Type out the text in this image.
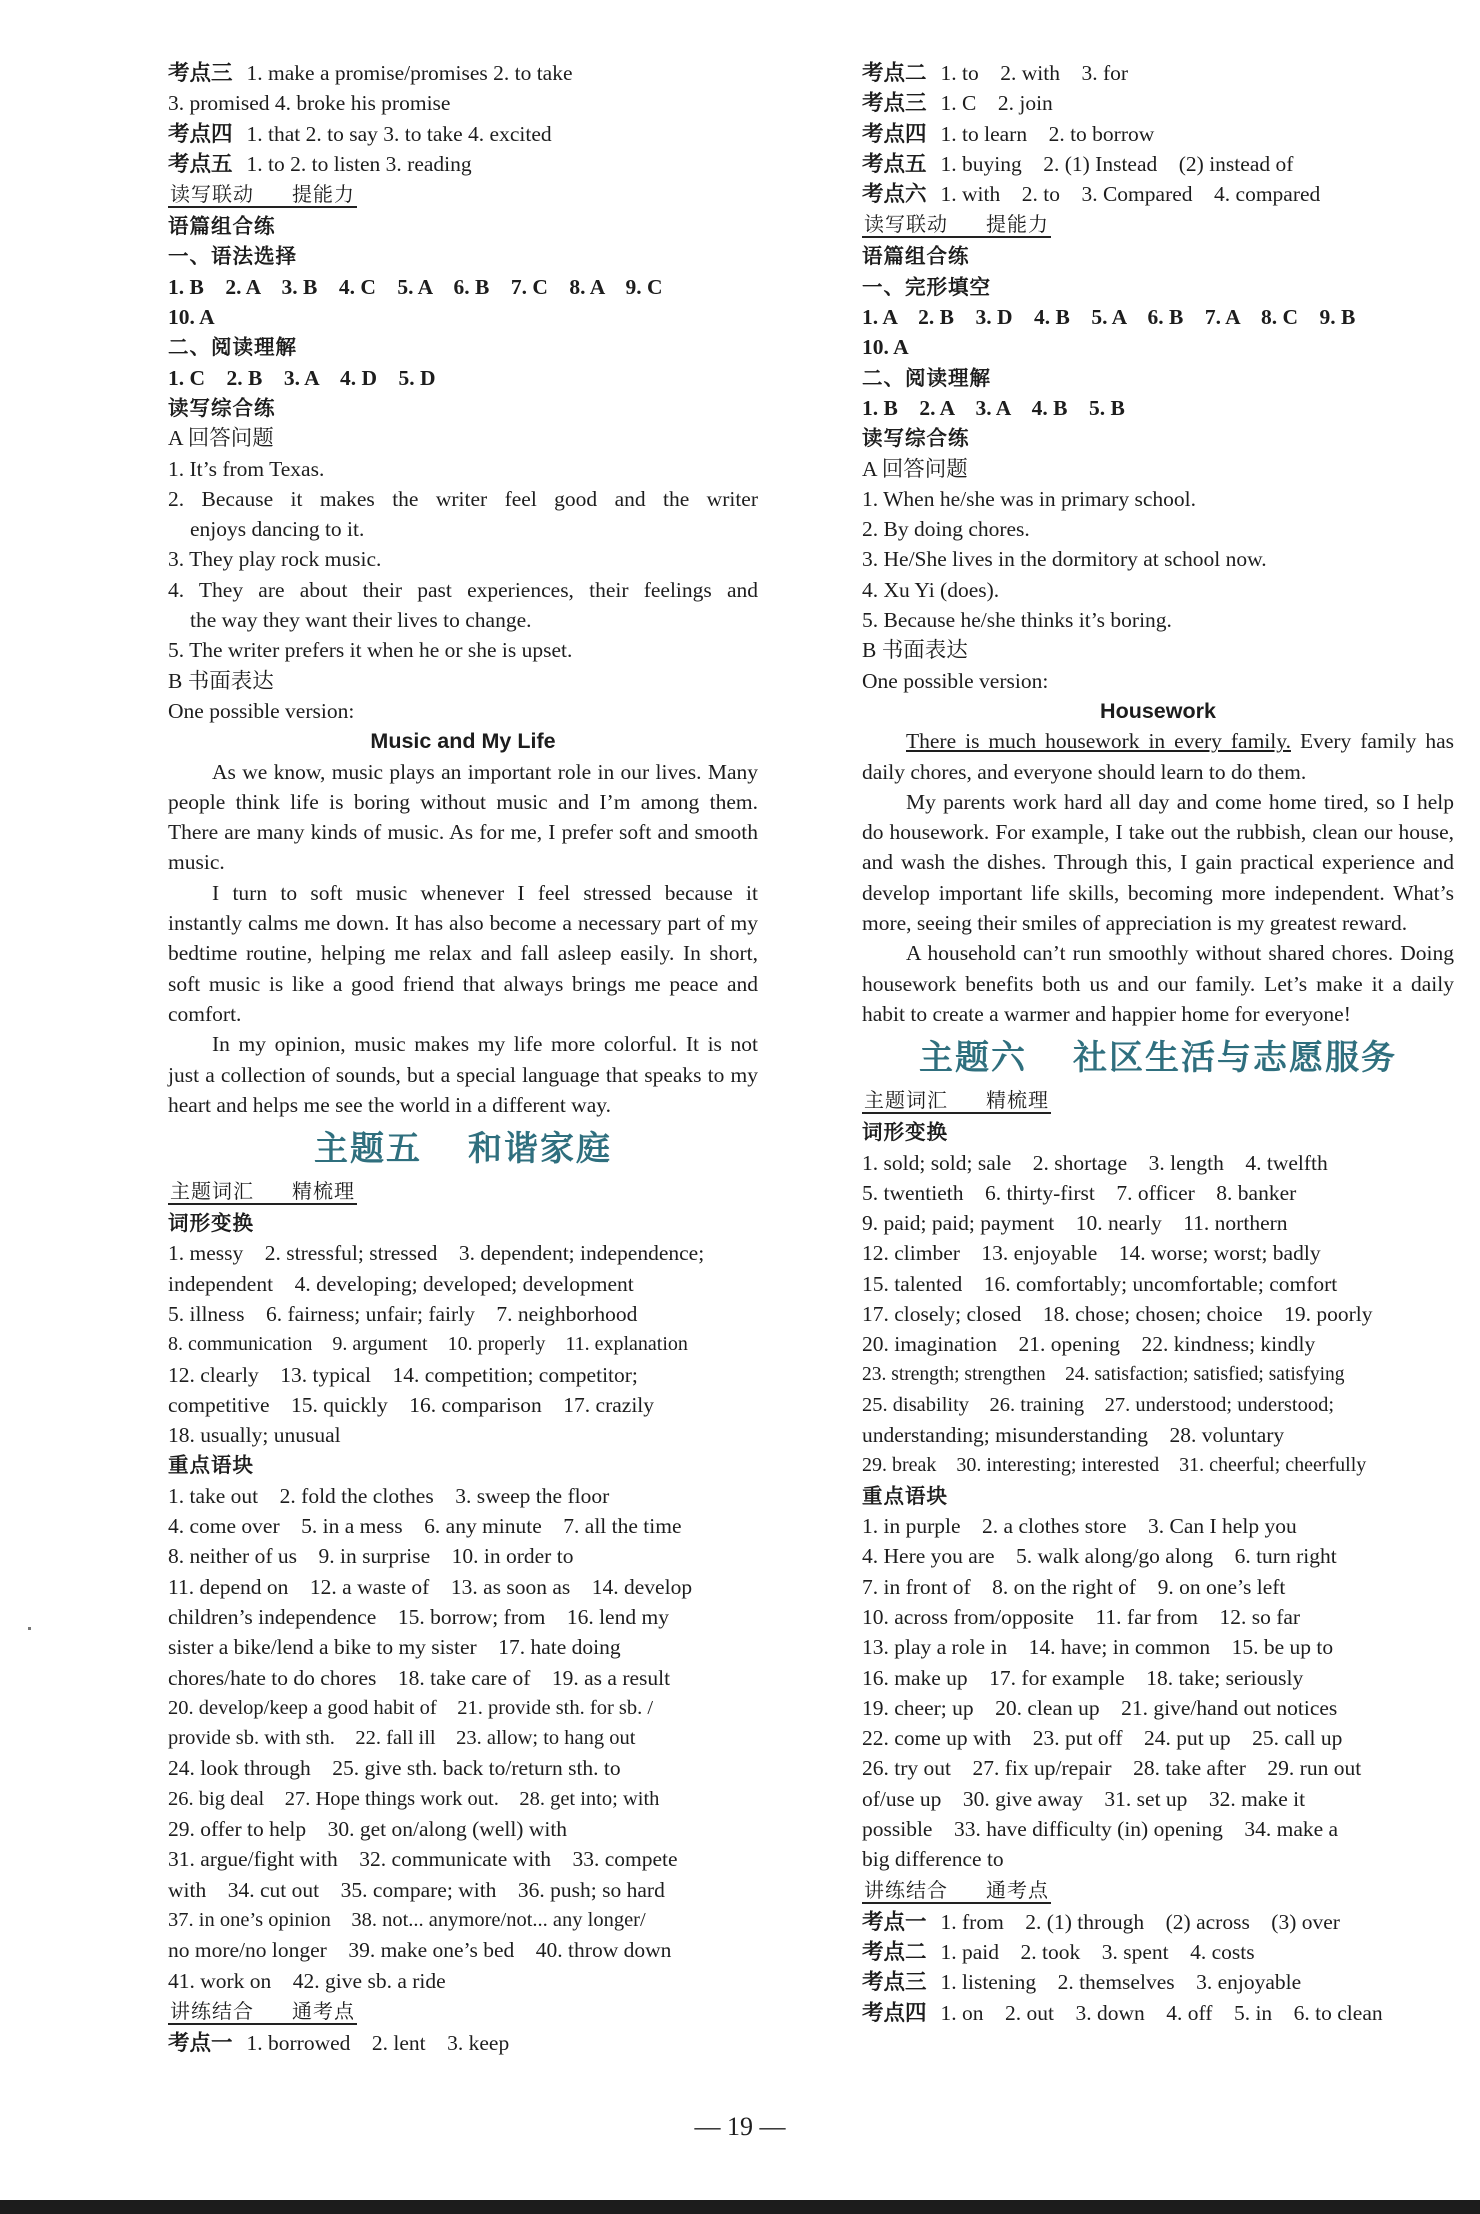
考点三 1. make a promise/promises 2. to take
3. promised 4. broke his promise
考点四 1. that 2. to say 3. to take 4. excited
考点五 1. to 2. to listen 3. reading
读写联动 提能力
语篇组合练
一、语法选择
1. B    2. A    3. B    4. C    5. A    6. B    7. C    8. A    9. C
10. A
二、阅读理解
1. C    2. B    3. A    4. D    5. D
读写综合练
A 回答问题
1. It’s from Texas.
2. Because it makes the writer feel good and the writer
enjoys dancing to it.
3. They play rock music.
4. They are about their past experiences, their feelings and
the way they want their lives to change.
5. The writer prefers it when he or she is upset.
B 书面表达
One possible version:
Music and My Life
As we know, music plays an important role in our lives. Many people think life is boring without music and I’m among them. There are many kinds of music. As for me, I prefer soft and smooth music.
I turn to soft music whenever I feel stressed because it instantly calms me down. It has also become a necessary part of my bedtime routine, helping me relax and fall asleep easily. In short, soft music is like a good friend that always brings me peace and comfort.
In my opinion, music makes my life more colorful. It is not just a collection of sounds, but a special language that speaks to my heart and helps me see the world in a different way.
主题五 和谐家庭
主题词汇 精梳理
词形变换
1. messy    2. stressful; stressed    3. dependent; independence;
independent    4. developing; developed; development
5. illness    6. fairness; unfair; fairly    7. neighborhood
8. communication    9. argument    10. properly    11. explanation
12. clearly    13. typical    14. competition; competitor;
competitive    15. quickly    16. comparison    17. crazily
18. usually; unusual
重点语块
1. take out    2. fold the clothes    3. sweep the floor
4. come over    5. in a mess    6. any minute    7. all the time
8. neither of us    9. in surprise    10. in order to
11. depend on    12. a waste of    13. as soon as    14. develop
children’s independence    15. borrow; from    16. lend my
sister a bike/lend a bike to my sister    17. hate doing
chores/hate to do chores    18. take care of    19. as a result
20. develop/keep a good habit of    21. provide sth. for sb. /
provide sb. with sth.    22. fall ill    23. allow; to hang out
24. look through    25. give sth. back to/return sth. to
26. big deal    27. Hope things work out.    28. get into; with
29. offer to help    30. get on/along (well) with
31. argue/fight with    32. communicate with    33. compete
with    34. cut out    35. compare; with    36. push; so hard
37. in one’s opinion    38. not... anymore/not... any longer/
no more/no longer    39. make one’s bed    40. throw down
41. work on    42. give sb. a ride
讲练结合 通考点
考点一 1. borrowed    2. lent    3. keep
考点二 1. to    2. with    3. for
考点三 1. C    2. join
考点四 1. to learn    2. to borrow
考点五 1. buying    2. (1) Instead    (2) instead of
考点六 1. with    2. to    3. Compared    4. compared
读写联动 提能力
语篇组合练
一、完形填空
1. A    2. B    3. D    4. B    5. A    6. B    7. A    8. C    9. B
10. A
二、阅读理解
1. B    2. A    3. A    4. B    5. B
读写综合练
A 回答问题
1. When he/she was in primary school.
2. By doing chores.
3. He/She lives in the dormitory at school now.
4. Xu Yi (does).
5. Because he/she thinks it’s boring.
B 书面表达
One possible version:
Housework
There is much housework in every family. Every family has daily chores, and everyone should learn to do them.
My parents work hard all day and come home tired, so I help do housework. For example, I take out the rubbish, clean our house, and wash the dishes. Through this, I gain practical experience and develop important life skills, becoming more independent. What’s more, seeing their smiles of appreciation is my greatest reward.
A household can’t run smoothly without shared chores. Doing housework benefits both us and our family. Let’s make it a daily habit to create a warmer and happier home for everyone!
主题六 社区生活与志愿服务
主题词汇 精梳理
词形变换
1. sold; sold; sale    2. shortage    3. length    4. twelfth
5. twentieth    6. thirty-first    7. officer    8. banker
9. paid; paid; payment    10. nearly    11. northern
12. climber    13. enjoyable    14. worse; worst; badly
15. talented    16. comfortably; uncomfortable; comfort
17. closely; closed    18. chose; chosen; choice    19. poorly
20. imagination    21. opening    22. kindness; kindly
23. strength; strengthen    24. satisfaction; satisfied; satisfying
25. disability    26. training    27. understood; understood;
understanding; misunderstanding    28. voluntary
29. break    30. interesting; interested    31. cheerful; cheerfully
重点语块
1. in purple    2. a clothes store    3. Can I help you
4. Here you are    5. walk along/go along    6. turn right
7. in front of    8. on the right of    9. on one’s left
10. across from/opposite    11. far from    12. so far
13. play a role in    14. have; in common    15. be up to
16. make up    17. for example    18. take; seriously
19. cheer; up    20. clean up    21. give/hand out notices
22. come up with    23. put off    24. put up    25. call up
26. try out    27. fix up/repair    28. take after    29. run out
of/use up    30. give away    31. set up    32. make it
possible    33. have difficulty (in) opening    34. make a
big difference to
讲练结合 通考点
考点一 1. from    2. (1) through    (2) across    (3) over
考点二 1. paid    2. took    3. spent    4. costs
考点三 1. listening    2. themselves    3. enjoyable
考点四 1. on    2. out    3. down    4. off    5. in    6. to clean
— 19 —
